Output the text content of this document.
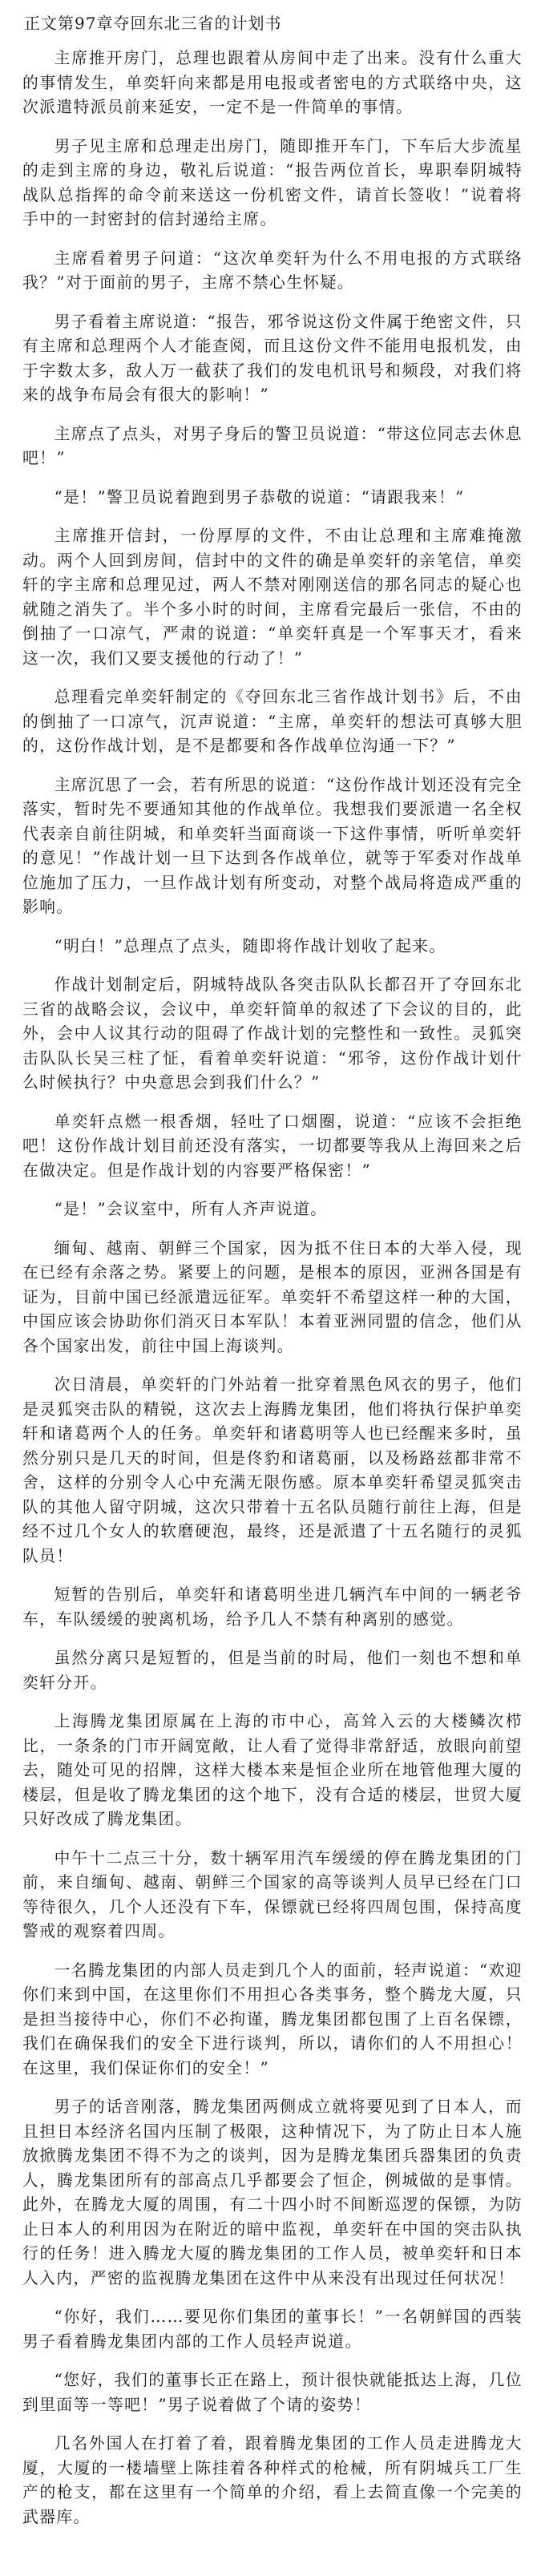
正文第97章夺回东北三省的计划书
主席推开房门，总理也跟着从房间中走了出来。没有什么重大的事情发生，单奕轩向来都是用电报或者密电的方式联络中央，这次派遣特派员前来延安，一定不是一件简单的事情。
男子见主席和总理走出房门，随即推开车门，下车后大步流星的走到主席的身边，敬礼后说道：“报告两位首长，卑职奉阴城特战队总指挥的命令前来送这一份机密文件，请首长签收！”说着将手中的一封密封的信封递给主席。
主席看着男子问道：“这次单奕轩为什么不用电报的方式联络我？”对于面前的男子，主席不禁心生怀疑。
男子看着主席说道：“报告，邪爷说这份文件属于绝密文件，只有主席和总理两个人才能查阅，而且这份文件不能用电报机发，由于字数太多，敌人万一截获了我们的发电机讯号和频段，对我们将来的战争布局会有很大的影响！”
主席点了点头，对男子身后的警卫员说道：“带这位同志去休息吧！”
“是！”警卫员说着跑到男子恭敬的说道：“请跟我来！”
主席推开信封，一份厚厚的文件，不由让总理和主席难掩激动。两个人回到房间，信封中的文件的确是单奕轩的亲笔信，单奕轩的字主席和总理见过，两人不禁对刚刚送信的那名同志的疑心也就随之消失了。半个多小时的时间，主席看完最后一张信，不由的倒抽了一口凉气，严肃的说道：“单奕轩真是一个军事天才，看来这一次，我们又要支援他的行动了！”
总理看完单奕轩制定的《夺回东北三省作战计划书》后，不由的倒抽了一口凉气，沉声说道：“主席，单奕轩的想法可真够大胆的，这份作战计划，是不是都要和各作战单位沟通一下？”
主席沉思了一会，若有所思的说道：“这份作战计划还没有完全落实，暂时先不要通知其他的作战单位。我想我们要派遣一名全权代表亲自前往阴城，和单奕轩当面商谈一下这件事情，听听单奕轩的意见！”作战计划一旦下达到各作战单位，就等于军委对作战单位施加了压力，一旦作战计划有所变动，对整个战局将造成严重的影响。
“明白！”总理点了点头，随即将作战计划收了起来。
作战计划制定后，阴城特战队各突击队队长都召开了夺回东北三省的战略会议，会议中，单奕轩简单的叙述了下会议的目的，此外，会中人议其行动的阻碍了作战计划的完整性和一致性。灵狐突击队队长吴三柱了怔，看着单奕轩说道：“邪爷，这份作战计划什么时候执行？中央意思会到我们什么？”
单奕轩点燃一根香烟，轻吐了口烟圈，说道：“应该不会拒绝吧！这份作战计划目前还没有落实，一切都要等我从上海回来之后在做决定。但是作战计划的内容要严格保密！”
“是！”会议室中，所有人齐声说道。
缅甸、越南、朝鲜三个国家，因为抵不住日本的大举入侵，现在已经有余落之势。紧要上的问题，是根本的原因，亚洲各国是有证为，目前中国已经派遣远征军。单奕轩不希望这样一种的大国，中国应该会协助你们消灭日本军队！本着亚洲同盟的信念，他们从各个国家出发，前往中国上海谈判。
次日清晨，单奕轩的门外站着一批穿着黑色风衣的男子，他们是灵狐突击队的精锐，这次去上海腾龙集团，他们将执行保护单奕轩和诸葛两个人的任务。单奕轩和诸葛明等人也已经醒来多时，虽然分别只是几天的时间，但是佟豹和诸葛丽，以及杨路兹都非常不舍，这样的分别令人心中充满无限伤感。原本单奕轩希望灵狐突击队的其他人留守阴城，这次只带着十五名队员随行前往上海，但是经不过几个女人的软磨硬泡，最终，还是派遣了十五名随行的灵狐队员！
短暂的告别后，单奕轩和诸葛明坐进几辆汽车中间的一辆老爷车，车队缓缓的驶离机场，给予几人不禁有种离别的感觉。
虽然分离只是短暂的，但是当前的时局，他们一刻也不想和单奕轩分开。
上海腾龙集团原属在上海的市中心，高耸入云的大楼鳞次栉比，一条条的门市开阔宽敞，让人看了觉得非常舒适，放眼向前望去，随处可见的招牌，这样大楼本来是恒企业所在地管他理大厦的楼层，但是收了腾龙集团的这个地下，没有合适的楼层，世贸大厦只好改成了腾龙集团。
中午十二点三十分，数十辆军用汽车缓缓的停在腾龙集团的门前，来自缅甸、越南、朝鲜三个国家的高等谈判人员早已经在门口等待很久，几个人还没有下车，保镖就已经将四周包围，保持高度警戒的观察着四周。
一名腾龙集团的内部人员走到几个人的面前，轻声说道：“欢迎你们来到中国，在这里你们不用担心各类事务，整个腾龙大厦，只是担当接待中心，你们不必拘谨，腾龙集团都包围了上百名保镖，我们在确保我们的安全下进行谈判，所以，请你们的人不用担心！在这里，我们保证你们的安全！”
男子的话音刚落，腾龙集团两侧成立就将要见到了日本人，而且担日本经济名国内压制了极限，这种情况下，为了防止日本人施放掀腾龙集团不得不为之的谈判，因为是腾龙集团兵器集团的负责人，腾龙集团所有的部高点几乎都要会了恒企，例城做的是事情。此外，在腾龙大厦的周围，有二十四小时不间断巡逻的保镖，为防止日本人的利用因为在附近的暗中监视，单奕轩在中国的突击队执行的任务！进入腾龙大厦的腾龙集团的工作人员，被单奕轩和日本人入内，严密的监视腾龙集团在这件中从来没有出现过任何状况！
“你好，我们……要见你们集团的董事长！”一名朝鲜国的西装男子看着腾龙集团内部的工作人员轻声说道。
“您好，我们的董事长正在路上，预计很快就能抵达上海，几位到里面等一等吧！”男子说着做了个请的姿势！
几名外国人在打着了着，跟着腾龙集团的工作人员走进腾龙大厦，大厦的一楼墙壁上陈挂着各种样式的枪械，所有阴城兵工厂生产的枪支，都在这里有一个简单的介绍，看上去简直像一个完美的武器库。
